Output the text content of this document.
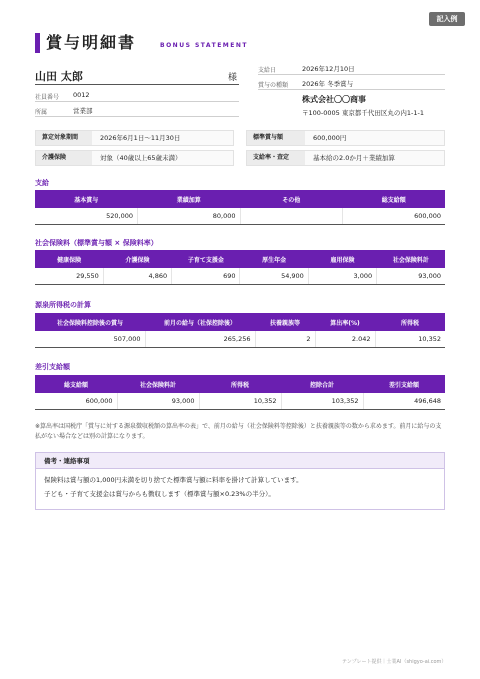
記入例
賞与明細書	BONUS STATEMENT
山田 太郎	様
社員番号 0012
所属	営業部
支給日	2026年12月10日
賞与の種類 2026年 冬季賞与
株式会社〇〇商事
〒100-0005 東京都千代田区丸の内1-1-1
算定対象期間	2026年6月1日〜11月30日
介護保険	対象（40歳以上65歳未満）
標準賞与額	600,000円
支給率・査定	基本給の2.0か月＋業績加算
支給
基本賞与	業績加算	その他	総支給額
520,000	80,000		600,000
社会保険料（標準賞与額 × 保険料率）
健康保険	介護保険	子育て支援金	厚生年金	雇用保険	社会保険料計
29,550	4,860	690	54,900	3,000	93,000
源泉所得税の計算
社会保険料控除後の賞与	前月の給与（社保控除後）	扶養親族等	算出率(%)	所得税
507,000	265,256	2	2.042	10,352
差引支給額
総支給額	社会保険料計	所得税	控除合計	差引支給額
600,000	93,000	10,352	103,352	496,648
※算出率は国税庁「賞与に対する源泉徴収税額の算出率の表」で、前月の給与（社会保険料等控除後）と扶養親族等の数から求めます。前月に給与の支払がない場合などは別の計算になります。
備考・連絡事項
保険料は賞与額の1,000円未満を切り捨てた標準賞与額に料率を掛けて計算しています。
子ども・子育て支援金は賞与からも徴収します（標準賞与額×0.23%の半分）。
テンプレート提供｜士業AI（shigyo-ai.com）
